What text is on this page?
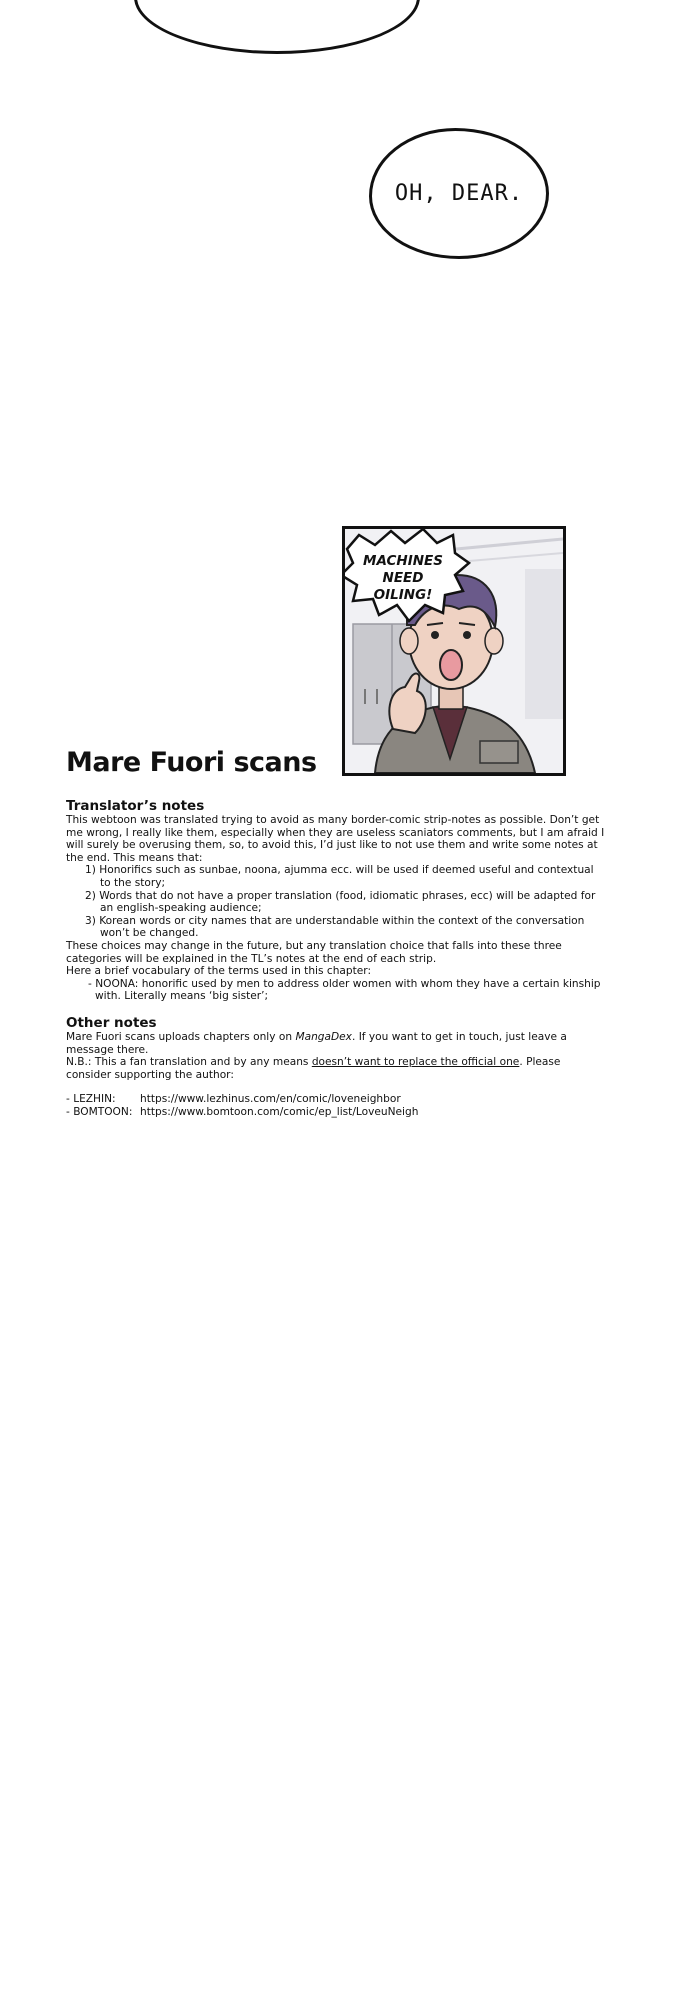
OH, DEAR.
MACHINES
NEED
OILING!
Mare Fuori scans
Translator’s notes

This webtoon was translated trying to avoid as many border-comic strip-notes as possible. Don’t get me wrong, I really like them, especially when they are useless scaniators comments, but I am afraid I will surely be overusing them, so, to avoid this, I’d just like to not use them and write some notes at the end. This means that:

1) Honorifics such as sunbae, noona, ajumma ecc. will be used if deemed useful and contextual to the story;
2) Words that do not have a proper translation (food, idiomatic phrases, ecc) will be adapted for an english-speaking audience;
3) Korean words or city names that are understandable within the context of the conversation won’t be changed.

These choices may change in the future, but any translation choice that falls into these three categories will be explained in the TL’s notes at the end of each strip.

Here a brief vocabulary of the terms used in this chapter:

- NOONA: honorific used by men to address older women with whom they have a certain kinship with. Literally means ‘big sister’;

Other notes

Mare Fuori scans uploads chapters only on MangaDex. If you want to get in touch, just leave a message there.

N.B.: This a fan translation and by any means doesn’t want to replace the official one. Please consider supporting the author:

- LEZHIN:	https://www.lezhinus.com/en/comic/loveneighbor
- BOMTOON: https://www.bomtoon.com/comic/ep_list/LoveuNeigh
